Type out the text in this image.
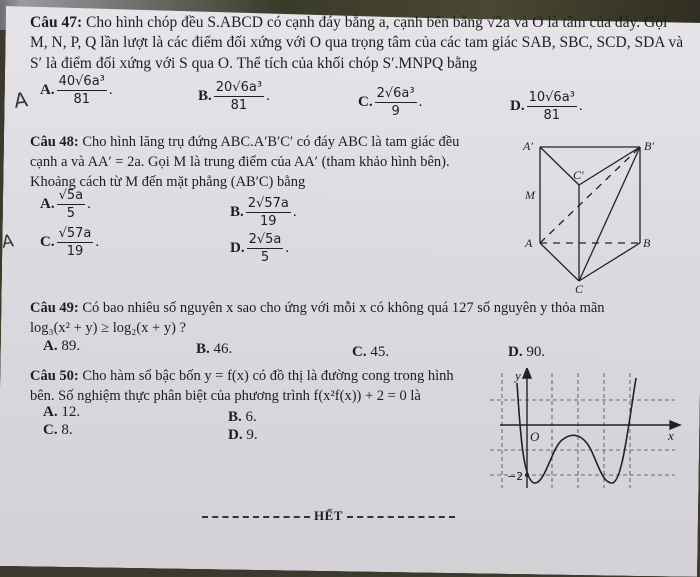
Câu 47: Cho hình chóp đều S.ABCD có cạnh đáy bằng a, cạnh bên bằng √2a và O là tâm của đáy. Gọi
M, N, P, Q lần lượt là các điểm đối xứng với O qua trọng tâm của các tam giác SAB, SBC, SCD, SDA và
S′ là điểm đối xứng với S qua O. Thể tích của khối chóp S′.MNPQ bằng
A A. $\frac{\text{40√6a³}}{81}$ .	B. $\frac{\text{20√6a³}}{81}$ .	C. $\frac{\text{2√6a³}}{9}$ .	D. $\frac{\text{10√6a³}}{81}$ .
Câu 48: Cho hình lăng trụ đứng ABC.A′B′C′ có đáy ABC là tam giác đều
cạnh a và AA′ = 2a. Gọi M là trung điểm của AA′ (tham khảo hình bên).
Khoảng cách từ M đến mặt phẳng (AB′C) bằng
A. $\frac{√5a}{5}$ .	B. $\frac{2√57a}{19}$ .
A C. $\frac{√57a}{19}$ .	D. $\frac{2√5a}{5}$ .
A′	B′
C′
M
A	B
C
Câu 49: Có bao nhiêu số nguyên x sao cho ứng với mỗi x có không quá 127 số nguyên y thỏa mãn
log₃(x² + y) ≥ log₂(x + y) ?
A. 89.	B. 46.	C. 45.	D. 90.
Câu 50: Cho hàm số bậc bốn y = f(x) có đồ thị là đường cong trong hình
bên. Số nghiệm thực phân biệt của phương trình f(x²f(x)) + 2 = 0 là
A. 12.	B. 6.
C. 8.	D. 9.
y
x
O
−2
HẾT
